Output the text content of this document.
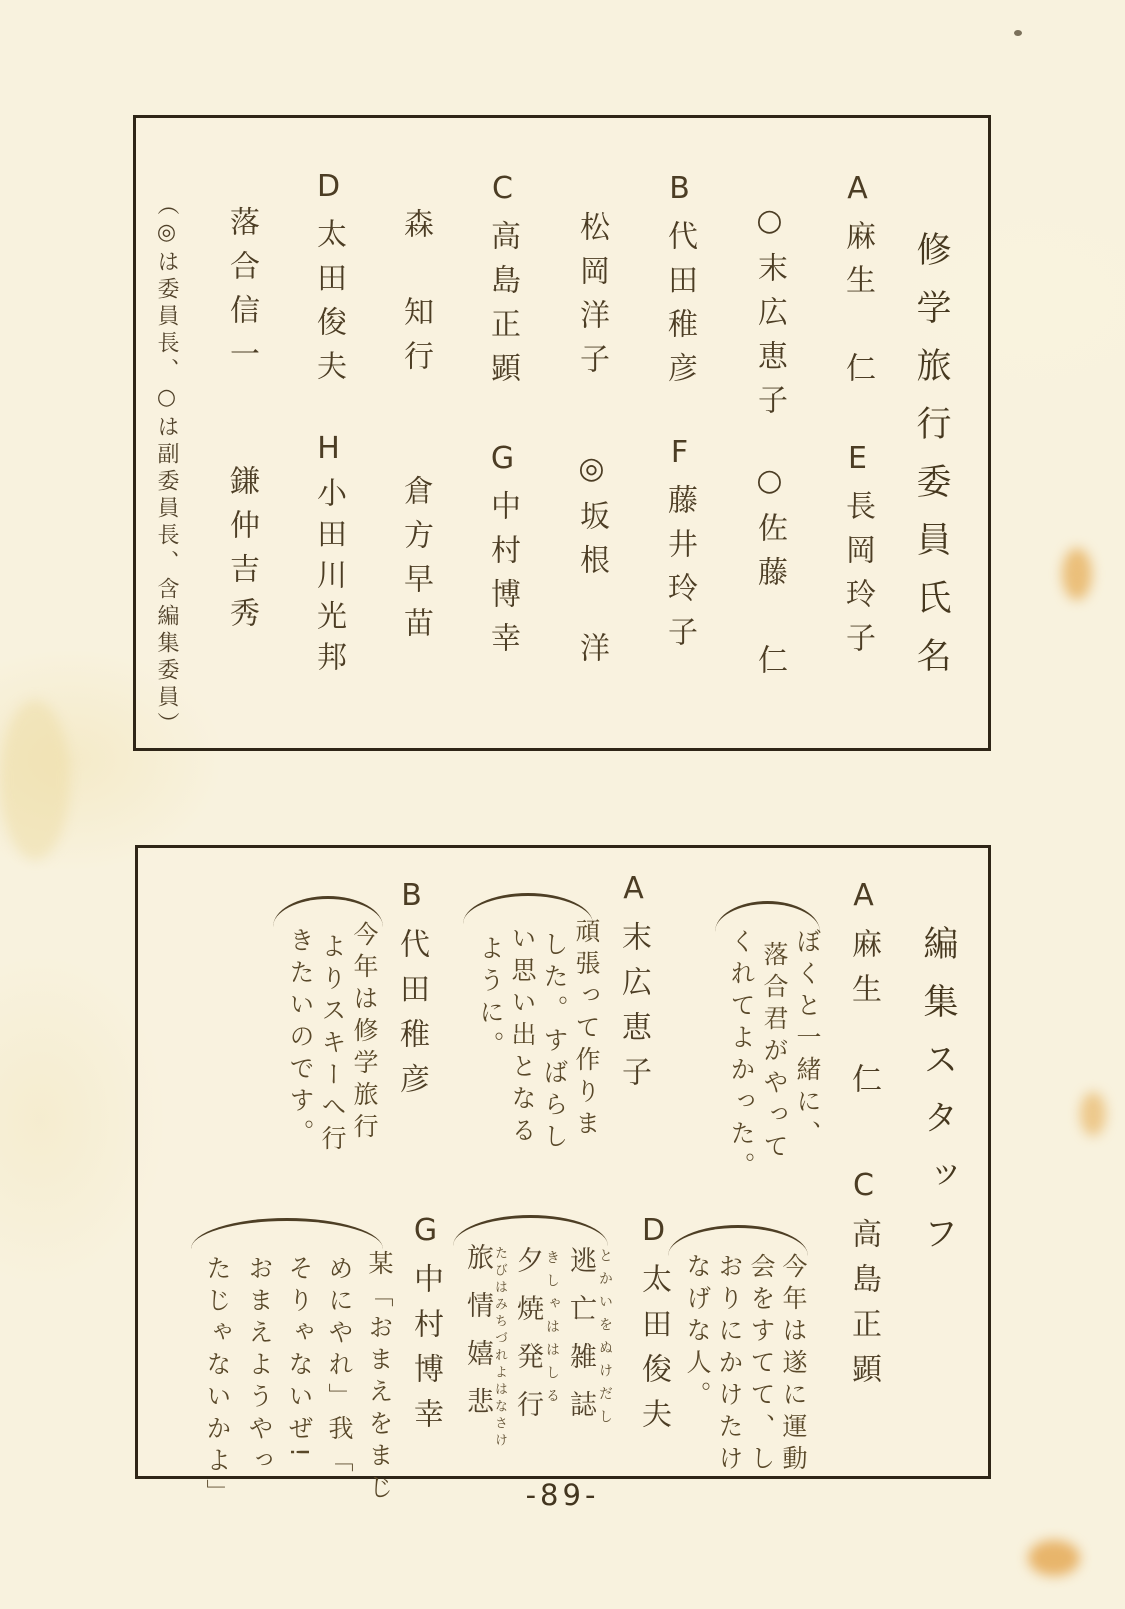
修学旅行委員氏名
A麻生　仁
E長岡玲子
○末広恵子
○佐藤　仁
B代田稚彦
F藤井玲子
松岡洋子
◎坂根　洋
C高島正顕
G中村博幸
森　知行
倉方早苗
D太田俊夫
H小田川光邦
落合信一
鎌仲吉秀
（◎は委員長、○は副委員長、含編集委員）
編集スタッフ
A麻生　仁
ぼくと一緒に、
落合君がやって
くれてよかった。
C高島正顕
今年は遂に運動
会をすてて、し
おりにかけたけ
なげな人。
A末広恵子
頑張って作りま
した。すばらし
い思い出となる
ように。
D太田俊夫
とかいをぬけだし
逃亡雑誌
きしゃははしる
夕焼発行
たびはみちづれよはなさけ
旅情嬉悲
B代田稚彦
今年は修学旅行
よりスキーへ行
きたいのです。
G中村博幸
某「おまえをまじ
めにやれ」我「
そりゃないぜ!
おまえようやっ
たじゃないかよ」	-89-
